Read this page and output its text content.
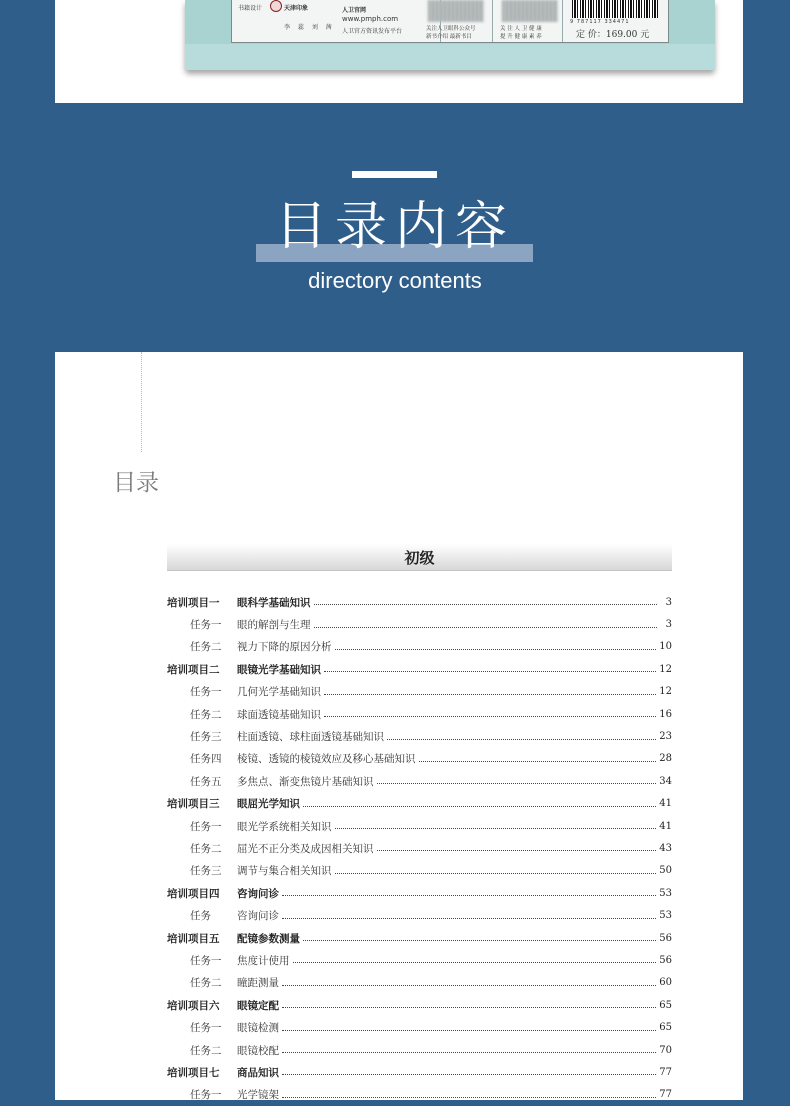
书籍设计	天津印象
李 蕊 刘 茜
人卫官网
www.pmph.com
人卫官方资讯发布平台	关注人卫眼科公众号
新书介绍 最新书目
关 注 人 卫 健 康
提 升 健 康 素 养
9 787117 334471
定 价：169.00 元
目录内容
directory contents
目录
初级
培训项目一	眼科学基础知识	3
任务一	眼的解剖与生理	3
任务二	视力下降的原因分析	10
培训项目二	眼镜光学基础知识	12
任务一	几何光学基础知识	12
任务二	球面透镜基础知识	16
任务三	柱面透镜、球柱面透镜基础知识	23
任务四	棱镜、透镜的棱镜效应及移心基础知识	28
任务五	多焦点、渐变焦镜片基础知识	34
培训项目三	眼屈光学知识	41
任务一	眼光学系统相关知识	41
任务二	屈光不正分类及成因相关知识	43
任务三	调节与集合相关知识	50
培训项目四	咨询问诊	53
任务	咨询问诊	53
培训项目五	配镜参数测量	56
任务一	焦度计使用	56
任务二	瞳距测量	60
培训项目六	眼镜定配	65
任务一	眼镜检测	65
任务二	眼镜校配	70
培训项目七	商品知识	77
任务一	光学镜架	77
